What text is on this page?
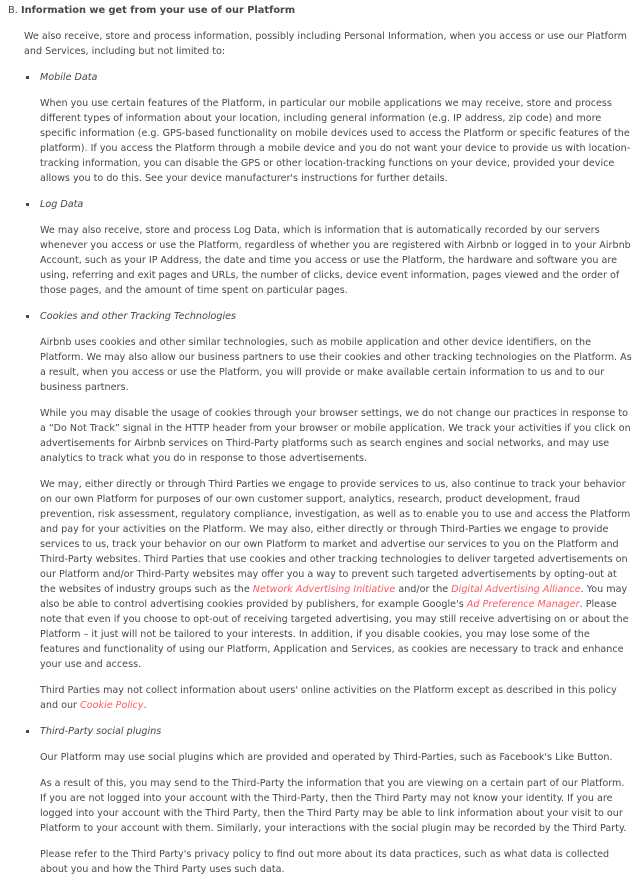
B. Information we get from your use of our Platform

We also receive, store and process information, possibly including Personal Information, when you access or use our Platform and Services, including but not limited to:

Mobile Data

When you use certain features of the Platform, in particular our mobile applications we may receive, store and process different types of information about your location, including general information (e.g. IP address, zip code) and more specific information (e.g. GPS-based functionality on mobile devices used to access the Platform or specific features of the platform). If you access the Platform through a mobile device and you do not want your device to provide us with location-tracking information, you can disable the GPS or other location-tracking functions on your device, provided your device allows you to do this. See your device manufacturer's instructions for further details.

Log Data

We may also receive, store and process Log Data, which is information that is automatically recorded by our servers whenever you access or use the Platform, regardless of whether you are registered with Airbnb or logged in to your Airbnb Account, such as your IP Address, the date and time you access or use the Platform, the hardware and software you are using, referring and exit pages and URLs, the number of clicks, device event information, pages viewed and the order of those pages, and the amount of time spent on particular pages.

Cookies and other Tracking Technologies

Airbnb uses cookies and other similar technologies, such as mobile application and other device identifiers, on the Platform. We may also allow our business partners to use their cookies and other tracking technologies on the Platform. As a result, when you access or use the Platform, you will provide or make available certain information to us and to our business partners.

While you may disable the usage of cookies through your browser settings, we do not change our practices in response to a “Do Not Track” signal in the HTTP header from your browser or mobile application. We track your activities if you click on advertisements for Airbnb services on Third-Party platforms such as search engines and social networks, and may use analytics to track what you do in response to those advertisements.

We may, either directly or through Third Parties we engage to provide services to us, also continue to track your behavior on our own Platform for purposes of our own customer support, analytics, research, product development, fraud prevention, risk assessment, regulatory compliance, investigation, as well as to enable you to use and access the Platform and pay for your activities on the Platform. We may also, either directly or through Third-Parties we engage to provide services to us, track your behavior on our own Platform to market and advertise our services to you on the Platform and Third-Party websites. Third Parties that use cookies and other tracking technologies to deliver targeted advertisements on our Platform and/or Third-Party websites may offer you a way to prevent such targeted advertisements by opting-out at the websites of industry groups such as the Network Advertising Initiative and/or the Digital Advertising Alliance. You may also be able to control advertising cookies provided by publishers, for example Google's Ad Preference Manager. Please note that even if you choose to opt-out of receiving targeted advertising, you may still receive advertising on or about the Platform – it just will not be tailored to your interests. In addition, if you disable cookies, you may lose some of the features and functionality of using our Platform, Application and Services, as cookies are necessary to track and enhance your use and access.

Third Parties may not collect information about users' online activities on the Platform except as described in this policy and our Cookie Policy.

Third-Party social plugins

Our Platform may use social plugins which are provided and operated by Third-Parties, such as Facebook's Like Button.

As a result of this, you may send to the Third-Party the information that you are viewing on a certain part of our Platform. If you are not logged into your account with the Third-Party, then the Third Party may not know your identity. If you are logged into your account with the Third Party, then the Third Party may be able to link information about your visit to our Platform to your account with them. Similarly, your interactions with the social plugin may be recorded by the Third Party.

Please refer to the Third Party's privacy policy to find out more about its data practices, such as what data is collected about you and how the Third Party uses such data.
